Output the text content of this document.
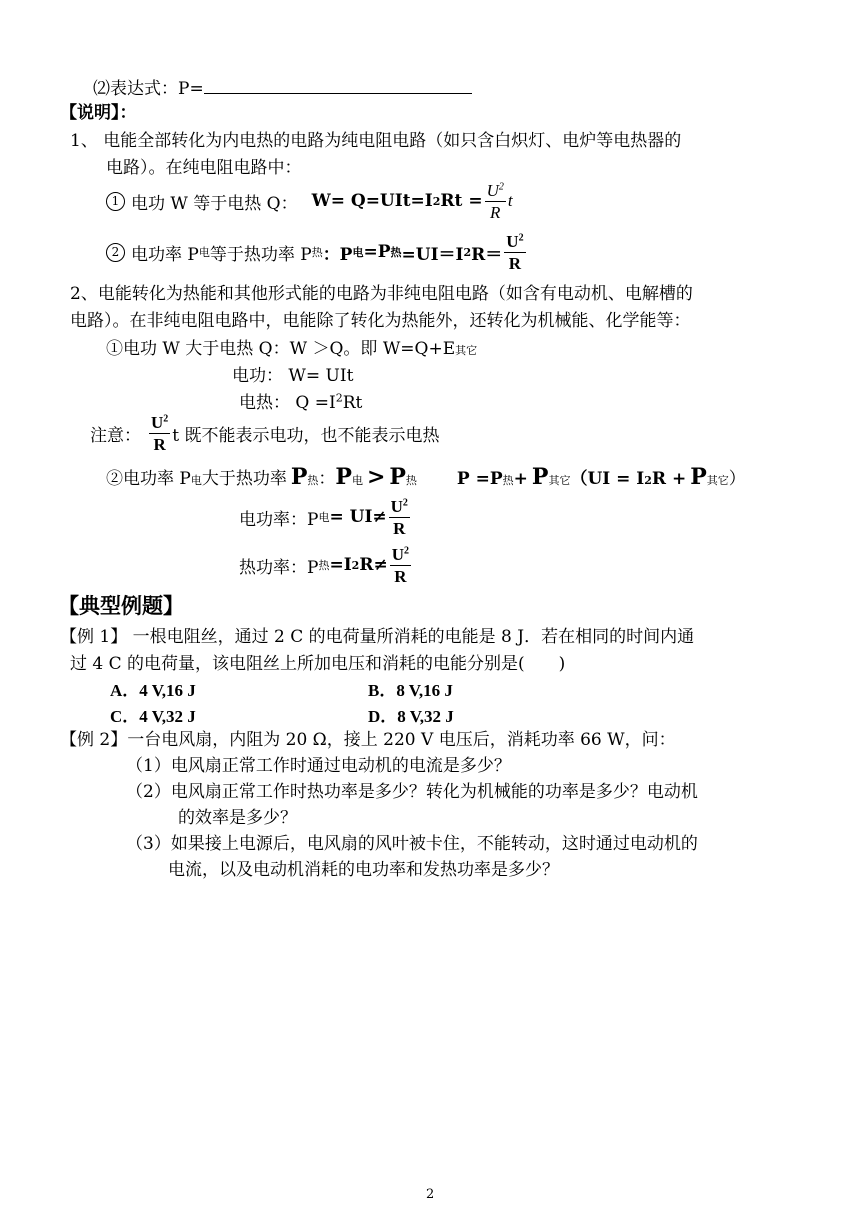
⑵表达式：P=
【说明】：
1、 电能全部转化为内电热的电路为纯电阻电路（如只含白炽灯、电炉等电热器的
电路）。在纯电阻电路中：
1 电功 W 等于电热 Q： W= Q=UIt=I 2 $Rt = \frac{U^2}{R}$ t
2 电功率 P 电 等于热功率 P 热 ：P 电 =P 热 =UI＝I 2 $R= \frac{U^2}{R}$
2、电能转化为热能和其他形式能的电路为非纯电阻电路（如含有电动机、电解槽的
电路）。在非纯电阻电路中，电能除了转化为热能外，还转化为机械能、化学能等：
①电功 W 大于电热 Q：W ＞Q。即 W=Q+E其它
电功： W= UIt
电热： $Q =I^2Rt$
注意： $\frac{U^2}{R}$ t 既不能表示电功，也不能表示电热
②电功率 P 电 大于热功率 P 热 ： P 电 > P 热 P =P 热 + P 其它 （UI = I 2 R + P 其它 ）
电功率：P 电 = $UI\ne \frac{U^2}{R}$
热功率：P 热 =I 2 $R\ne \frac{U^2}{R}$
【典型例题】
【例 1】 一根电阻丝，通过 2 C 的电荷量所消耗的电能是 8 J．若在相同的时间内通
过 4 C 的电荷量，该电阻丝上所加电压和消耗的电能分别是(　　)
A．4 V,16 J	B．8 V,16 J
C．4 V,32 J	D．8 V,32 J
【例 2】一台电风扇，内阻为 20 Ω，接上 220 V 电压后，消耗功率 66 W，问：
（1）电风扇正常工作时通过电动机的电流是多少？
（2）电风扇正常工作时热功率是多少？转化为机械能的功率是多少？电动机
的效率是多少？
（3）如果接上电源后，电风扇的风叶被卡住，不能转动，这时通过电动机的
电流，以及电动机消耗的电功率和发热功率是多少？
2
